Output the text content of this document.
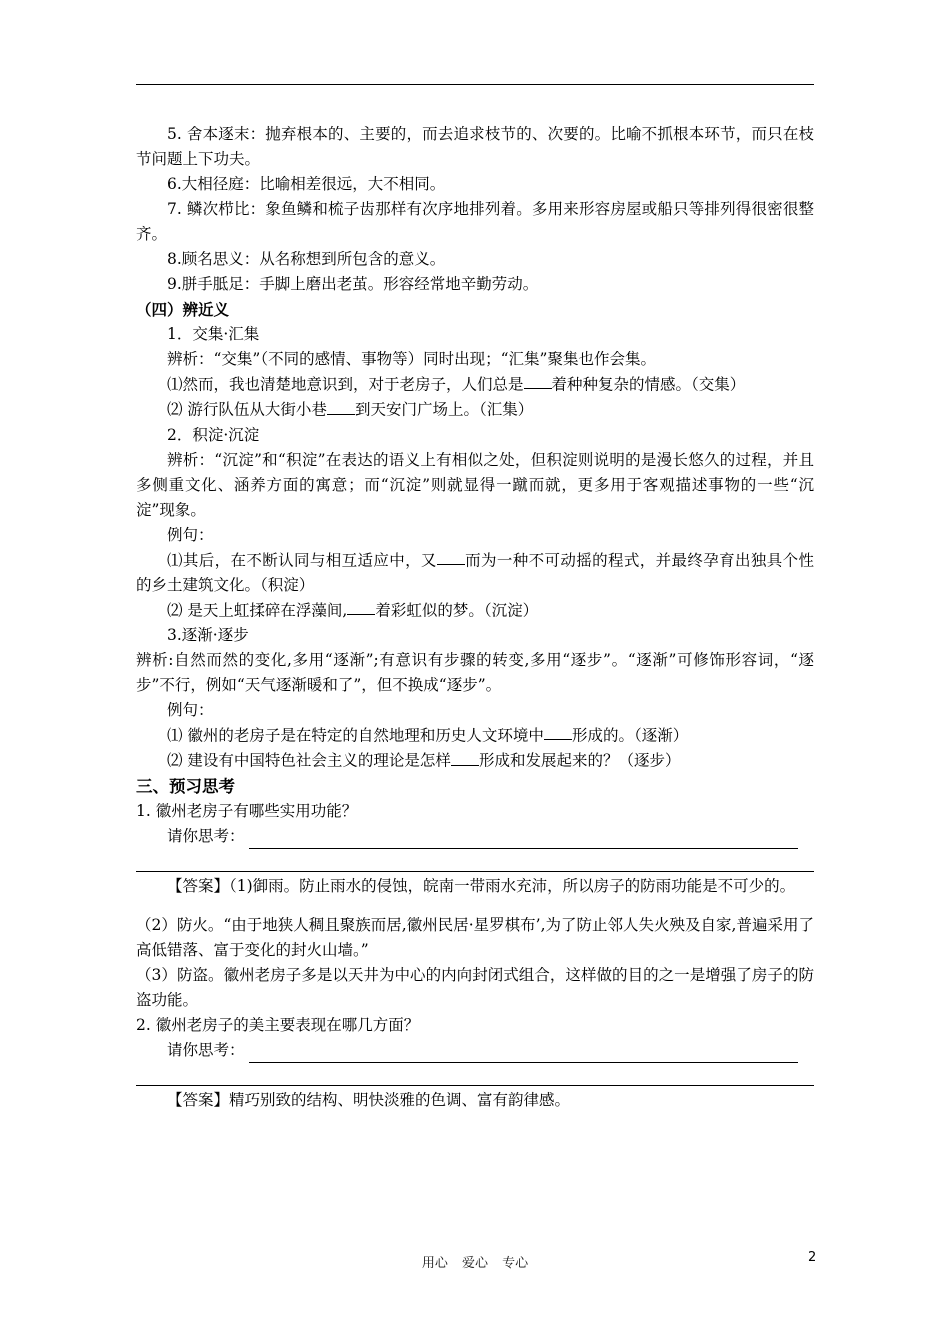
5. 舍本逐末：抛弃根本的、主要的，而去追求枝节的、次要的。比喻不抓根本环节，而只在枝节问题上下功夫。

6.大相径庭：比喻相差很远，大不相同。

7. 鳞次栉比：象鱼鳞和梳子齿那样有次序地排列着。多用来形容房屋或船只等排列得很密很整齐。

8.顾名思义：从名称想到所包含的意义。

9.胼手胝足：手脚上磨出老茧。形容经常地辛勤劳动。

（四）辨近义

1．交集·汇集

辨析：“交集”（不同的感情、事物等）同时出现；“汇集”聚集也作会集。

⑴然而，我也清楚地意识到，对于老房子，人们总是 着种种复杂的情感。（交集）

⑵ 游行队伍从大街小巷 到天安门广场上。（汇集）

2．积淀·沉淀

辨析：“沉淀”和“积淀”在表达的语义上有相似之处，但积淀则说明的是漫长悠久的过程，并且多侧重文化、涵养方面的寓意；而“沉淀”则就显得一蹴而就，更多用于客观描述事物的一些“沉淀”现象。

例句：

⑴其后，在不断认同与相互适应中，又 而为一种不可动摇的程式，并最终孕育出独具个性的乡土建筑文化。（积淀）

⑵ 是天上虹揉碎在浮藻间, 着彩虹似的梦。（沉淀）

3.逐渐·逐步

辨析:自然而然的变化,多用“逐渐”;有意识有步骤的转变,多用“逐步”。“逐渐”可修饰形容词，“逐步”不行，例如“天气逐渐暖和了”，但不换成“逐步”。

例句：

⑴ 徽州的老房子是在特定的自然地理和历史人文环境中 形成的。（逐渐）

⑵ 建设有中国特色社会主义的理论是怎样 形成和发展起来的？（逐步）

三、预习思考

1. 徽州老房子有哪些实用功能？

请你思考：

【答案】（1)御雨。防止雨水的侵蚀，皖南一带雨水充沛，所以房子的防雨功能是不可少的。

（2）防火。“由于地狭人稠且聚族而居,徽州民居·星罗棋布’,为了防止邻人失火殃及自家,普遍采用了高低错落、富于变化的封火山墙。”

（3）防盗。徽州老房子多是以天井为中心的内向封闭式组合，这样做的目的之一是增强了房子的防盗功能。

2. 徽州老房子的美主要表现在哪几方面？

请你思考：

【答案】精巧别致的结构、明快淡雅的色调、富有韵律感。

用心 爱心 专心	2
